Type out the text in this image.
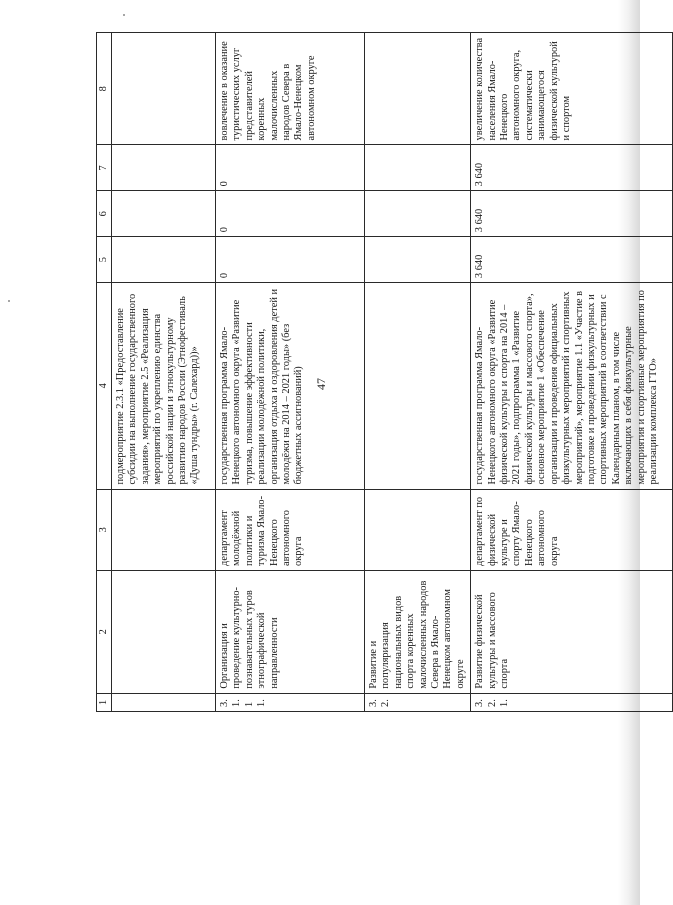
47
1	2	3	4	5	6	7	8
			подмероприятие 2.3.1 «Предоставление субсидии на выполнение государственного задания», мероприятие 2.5 «Реализация мероприятий по укреплению единства российской нации и этнокультурному развитию народов России (Этнофестиваль «Душа тундры» (г. Салехард))»				
3.1.11.	Организация и проведение культурно-познавательных туров этнографической направленности	департамент молодёжной политики и туризма Ямало-Ненецкого автономного округа	государственная программа Ямало-Ненецкого автономного округа «Развитие туризма, повышение эффективности реализации молодёжной политики, организация отдыха и оздоровления детей и молодёжи на 2014 – 2021 годы» (без бюджетных ассигнований)	0	0	0	вовлечение в оказание туристических услуг представителей коренных малочисленных народов Севера в Ямало-Ненецком автономном округе
3.2.	Развитие и популяризация национальных видов спорта коренных малочисленных народов Севера в Ямало-Ненецком автономном округе						
3.2.1.	Развитие физической культуры и массового спорта	департамент по физической культуре и спорту Ямало-Ненецкого автономного округа	государственная программа Ямало-Ненецкого автономного округа «Развитие физической культуры и спорта на 2014 – 2021 годы», подпрограмма 1 «Развитие физической культуры и массового спорта», основное мероприятие 1 «Обеспечение организации и проведения официальных физкультурных мероприятий и спортивных мероприятий», мероприятие 1.1 «Участие в подготовке и проведении физкультурных и спортивных мероприятий в соответствии с Календарным планом, в том числе включающих в себя физкультурные мероприятия и спортивные мероприятия по реализации комплекса ГТО»	3 640	3 640	3 640	увеличение количества населения Ямало-Ненецкого автономного округа, систематически занимающегося физической культурой и спортом
